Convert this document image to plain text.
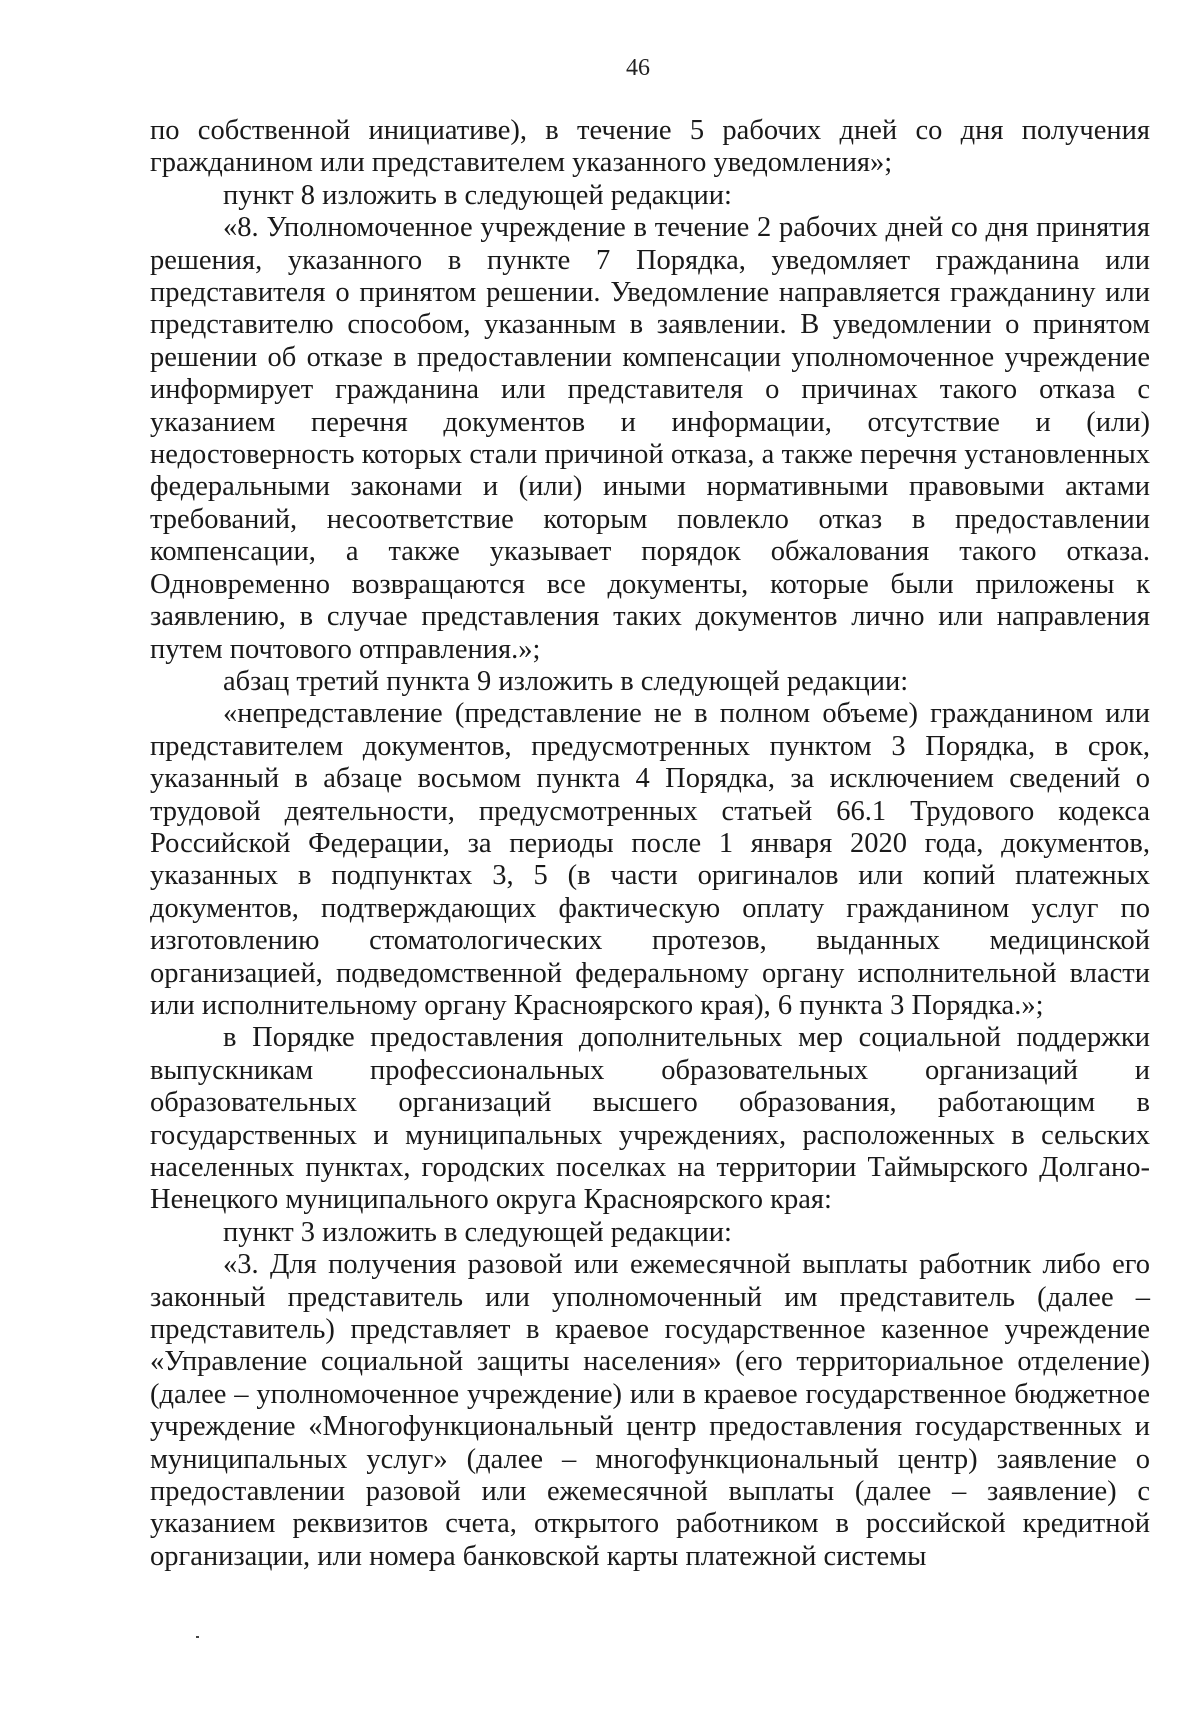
46

по собственной инициативе), в течение 5 рабочих дней со дня получения гражданином или представителем указанного уведомления»;

пункт 8 изложить в следующей редакции:

«8. Уполномоченное учреждение в течение 2 рабочих дней со дня принятия решения, указанного в пункте 7 Порядка, уведомляет гражданина или представителя о принятом решении. Уведомление направляется гражданину или представителю способом, указанным в заявлении. В уведомлении о принятом решении об отказе в предоставлении компенсации уполномоченное учреждение информирует гражданина или представителя о причинах такого отказа с указанием перечня документов и информации, отсутствие и (или) недостоверность которых стали причиной отказа, а также перечня установленных федеральными законами и (или) иными нормативными правовыми актами требований, несоответствие которым повлекло отказ в предоставлении компенсации, а также указывает порядок обжалования такого отказа. Одновременно возвращаются все документы, которые были приложены к заявлению, в случае представления таких документов лично или направления путем почтового отправления.»;

абзац третий пункта 9 изложить в следующей редакции:

«непредставление (представление не в полном объеме) гражданином или представителем документов, предусмотренных пунктом 3 Порядка, в срок, указанный в абзаце восьмом пункта 4 Порядка, за исключением сведений о трудовой деятельности, предусмотренных статьей 66.1 Трудового кодекса Российской Федерации, за периоды после 1 января 2020 года, документов, указанных в подпунктах 3, 5 (в части оригиналов или копий платежных документов, подтверждающих фактическую оплату гражданином услуг по изготовлению стоматологических протезов, выданных медицинской организацией, подведомственной федеральному органу исполнительной власти или исполнительному органу Красноярского края), 6 пункта 3 Порядка.»;

в Порядке предоставления дополнительных мер социальной поддержки выпускникам профессиональных образовательных организаций и образовательных организаций высшего образования, работающим в государственных и муниципальных учреждениях, расположенных в сельских населенных пунктах, городских поселках на территории Таймырского Долгано-Ненецкого муниципального округа Красноярского края:

пункт 3 изложить в следующей редакции:

«3. Для получения разовой или ежемесячной выплаты работник либо его законный представитель или уполномоченный им представитель (далее – представитель) представляет в краевое государственное казенное учреждение «Управление социальной защиты населения» (его территориальное отделение) (далее – уполномоченное учреждение) или в краевое государственное бюджетное учреждение «Многофункциональный центр предоставления государственных и муниципальных услуг» (далее – многофункциональный центр) заявление о предоставлении разовой или ежемесячной выплаты (далее – заявление) с указанием реквизитов счета, открытого работником в российской кредитной организации, или номера банковской карты платежной системы
